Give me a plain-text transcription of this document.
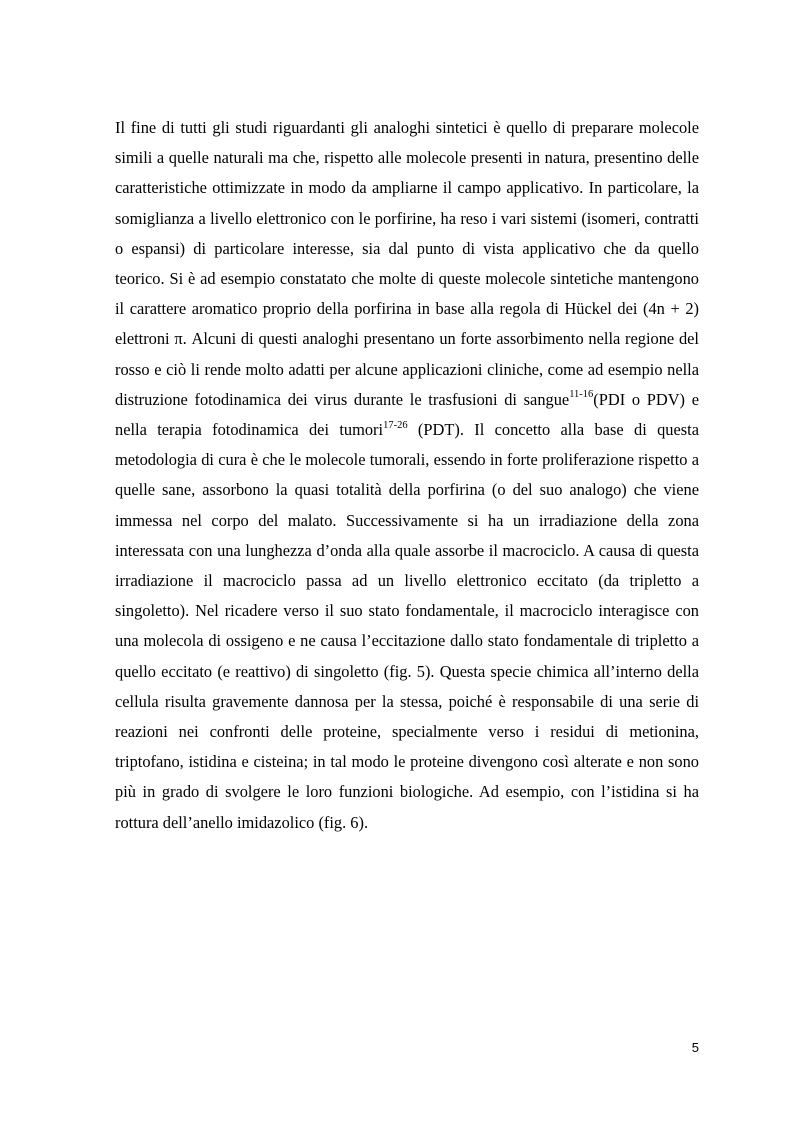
Il fine di tutti gli studi riguardanti gli analoghi sintetici è quello di preparare molecole simili a quelle naturali ma che, rispetto alle molecole presenti in natura, presentino delle caratteristiche ottimizzate in modo da ampliarne il campo applicativo. In particolare, la somiglianza a livello elettronico con le porfirine, ha reso i vari sistemi (isomeri, contratti o espansi) di particolare interesse, sia dal punto di vista applicativo che da quello teorico. Si è ad esempio constatato che molte di queste molecole sintetiche mantengono il carattere aromatico proprio della porfirina in base alla regola di Hückel dei (4n + 2) elettroni π. Alcuni di questi analoghi presentano un forte assorbimento nella regione del rosso e ciò li rende molto adatti per alcune applicazioni cliniche, come ad esempio nella distruzione fotodinamica dei virus durante le trasfusioni di sangue$^{11-16}$(PDI o PDV) e nella terapia fotodinamica dei tumori$^{17-26}$ (PDT). Il concetto alla base di questa metodologia di cura è che le molecole tumorali, essendo in forte proliferazione rispetto a quelle sane, assorbono la quasi totalità della porfirina (o del suo analogo) che viene immessa nel corpo del malato. Successivamente si ha un irradiazione della zona interessata con una lunghezza d’onda alla quale assorbe il macrociclo. A causa di questa irradiazione il macrociclo passa ad un livello elettronico eccitato (da tripletto a singoletto). Nel ricadere verso il suo stato fondamentale, il macrociclo interagisce con una molecola di ossigeno e ne causa l’eccitazione dallo stato fondamentale di tripletto a quello eccitato (e reattivo) di singoletto (fig. 5). Questa specie chimica all’interno della cellula risulta gravemente dannosa per la stessa, poiché è responsabile di una serie di reazioni nei confronti delle proteine, specialmente verso i residui di metionina, triptofano, istidina e cisteina; in tal modo le proteine divengono così alterate e non sono più in grado di svolgere le loro funzioni biologiche. Ad esempio, con l’istidina si ha rottura dell’anello imidazolico (fig. 6).

5
